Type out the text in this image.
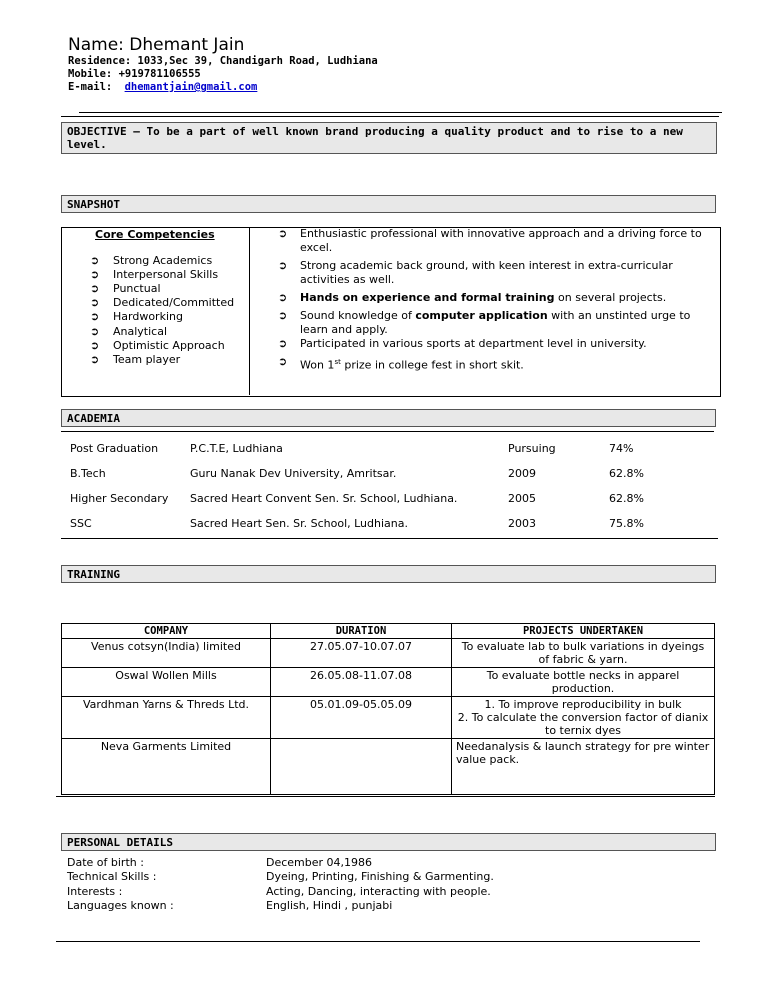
Name: Dhemant Jain
Residence: 1033,Sec 39, Chandigarh Road, Ludhiana
Mobile: +919781106555
E-mail: dhemantjain@gmail.com
OBJECTIVE – To be a part of well known brand producing a quality product and to rise to a new level.
SNAPSHOT
Core Competencies
➲ Strong Academics
➲ Interpersonal Skills
➲ Punctual
➲ Dedicated/Committed
➲ Hardworking
➲ Analytical
➲ Optimistic Approach
➲ Team player
➲ Enthusiastic professional with innovative approach and a driving force to excel.
➲ Strong academic back ground, with keen interest in extra-curricular activities as well.
➲ Hands on experience and formal training on several projects.
➲ Sound knowledge of computer application with an unstinted urge to learn and apply.
➲ Participated in various sports at department level in university.
➲ Won 1st prize in college fest in short skit.
ACADEMIA
Post Graduation	P.C.T.E, Ludhiana	Pursuing	74%
B.Tech	Guru Nanak Dev University, Amritsar.	2009	62.8%
Higher Secondary Sacred Heart Convent Sen. Sr. School, Ludhiana.	2005	62.8%
SSC	Sacred Heart Sen. Sr. School, Ludhiana.	2003	75.8%
TRAINING
COMPANY	DURATION	PROJECTS UNDERTAKEN
Venus cotsyn(India) limited	27.05.07-10.07.07	To evaluate lab to bulk variations in dyeings of fabric & yarn.
Oswal Wollen Mills	26.05.08-11.07.08	To evaluate bottle necks in apparel production.
Vardhman Yarns & Threds Ltd.	05.01.09-05.05.09	1. To improve reproducibility in bulk
2. To calculate the conversion factor of dianix to ternix dyes
Neva Garments Limited		Needanalysis & launch strategy for pre winter value pack.
PERSONAL DETAILS
Date of birth :	December 04,1986
Technical Skills :	Dyeing, Printing, Finishing & Garmenting.
Interests :	Acting, Dancing, interacting with people.
Languages known :	English, Hindi , punjabi
